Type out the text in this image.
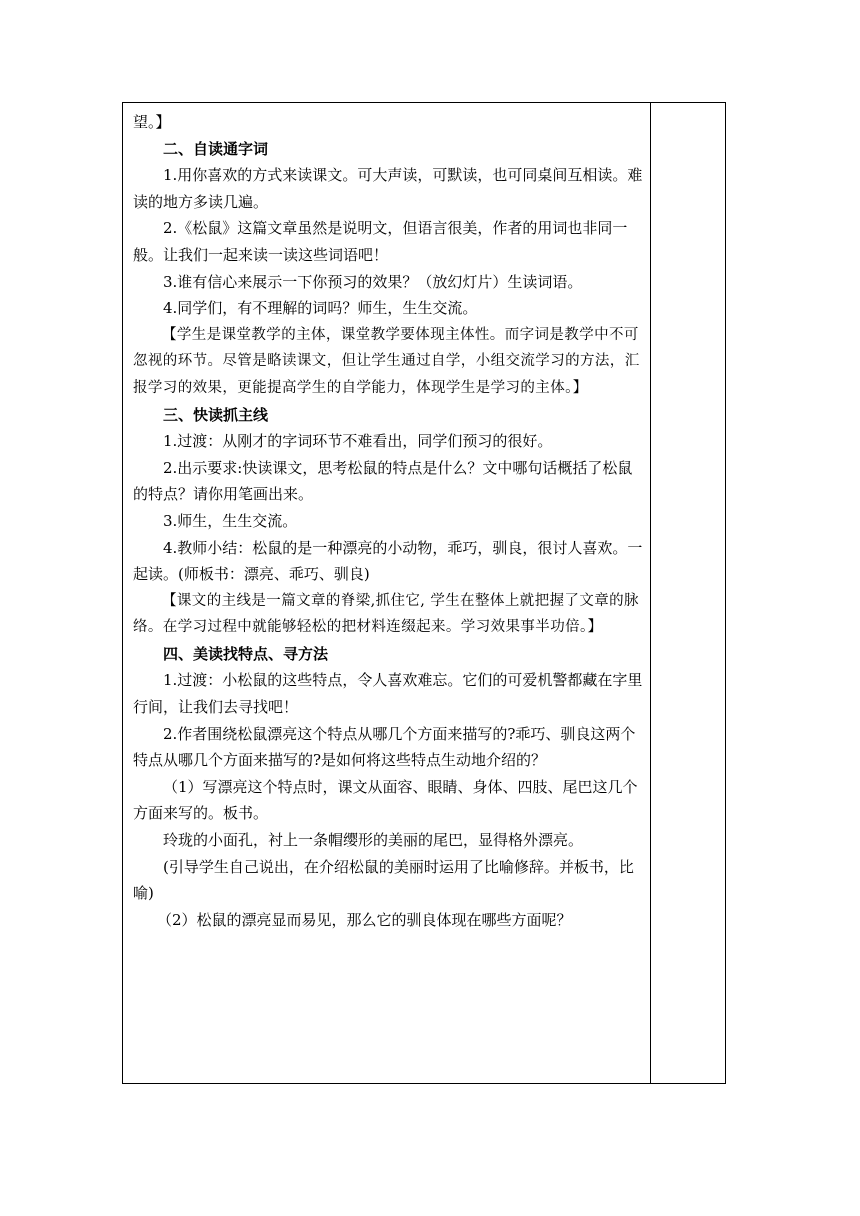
望。】

二、自读通字词

1.用你喜欢的方式来读课文。可大声读，可默读，也可同桌间互相读。难读的地方多读几遍。

2.《松鼠》这篇文章虽然是说明文，但语言很美，作者的用词也非同一般。让我们一起来读一读这些词语吧！

3.谁有信心来展示一下你预习的效果？（放幻灯片）生读词语。

4.同学们，有不理解的词吗？师生，生生交流。

【学生是课堂教学的主体，课堂教学要体现主体性。而字词是教学中不可忽视的环节。尽管是略读课文，但让学生通过自学，小组交流学习的方法，汇报学习的效果，更能提高学生的自学能力，体现学生是学习的主体。】

三、快读抓主线

1.过渡：从刚才的字词环节不难看出，同学们预习的很好。

2.出示要求:快读课文，思考松鼠的特点是什么？文中哪句话概括了松鼠的特点？请你用笔画出来。

3.师生，生生交流。

4.教师小结：松鼠的是一种漂亮的小动物，乖巧，驯良，很讨人喜欢。一起读。(师板书：漂亮、乖巧、驯良)

【课文的主线是一篇文章的脊梁,抓住它, 学生在整体上就把握了文章的脉络。在学习过程中就能够轻松的把材料连缀起来。学习效果事半功倍。】

四、美读找特点、寻方法

1.过渡：小松鼠的这些特点，令人喜欢难忘。它们的可爱机警都藏在字里行间，让我们去寻找吧！

2.作者围绕松鼠漂亮这个特点从哪几个方面来描写的?乖巧、驯良这两个特点从哪几个方面来描写的?是如何将这些特点生动地介绍的？

（1）写漂亮这个特点时，课文从面容、眼睛、身体、四肢、尾巴这几个方面来写的。板书。

玲珑的小面孔，衬上一条帽缨形的美丽的尾巴，显得格外漂亮。

(引导学生自己说出，在介绍松鼠的美丽时运用了比喻修辞。并板书，比喻)

（2）松鼠的漂亮显而易见，那么它的驯良体现在哪些方面呢？
